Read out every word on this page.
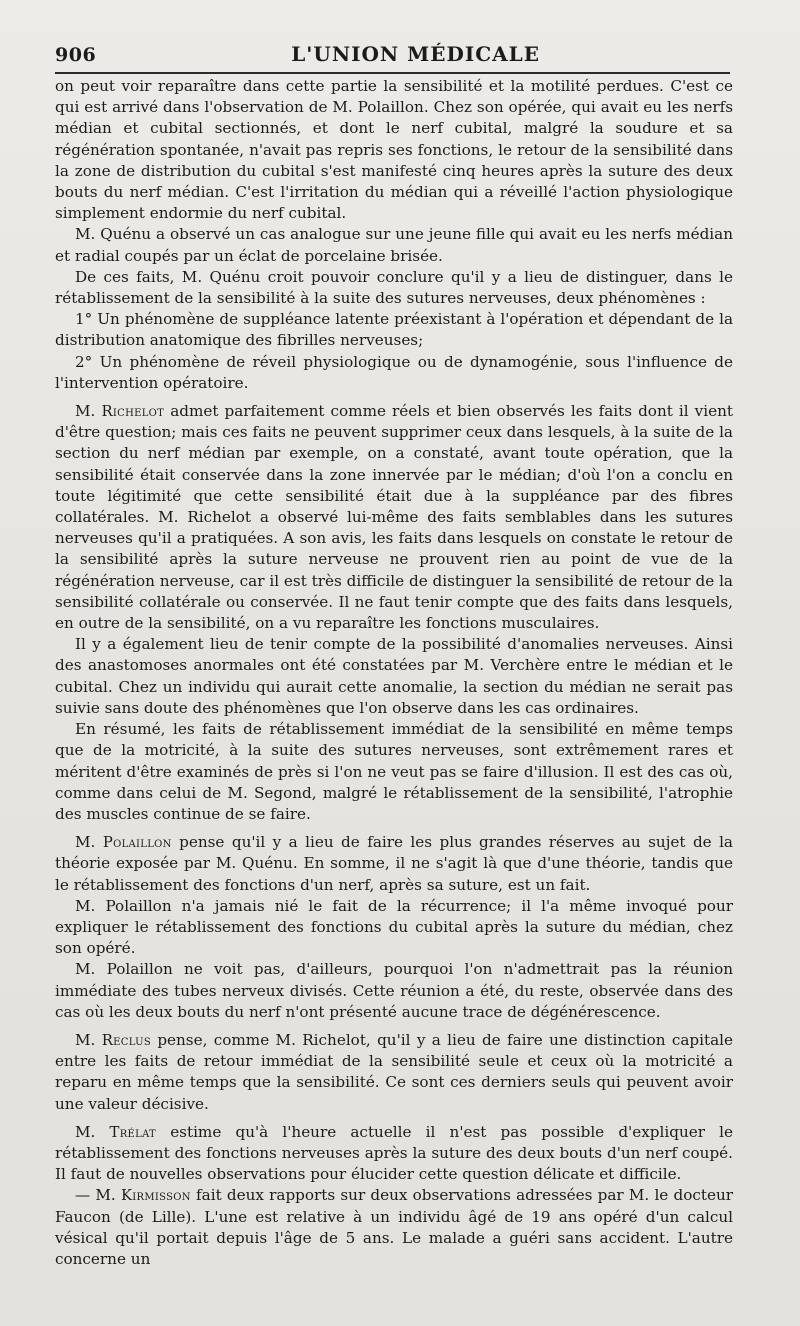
906	L'UNION MÉDICALE

on peut voir reparaître dans cette partie la sensibilité et la motilité perdues. C'est ce qui est arrivé dans l'observation de M. Polaillon. Chez son opérée, qui avait eu les nerfs médian et cubital sectionnés, et dont le nerf cubital, malgré la soudure et sa régénération spontanée, n'avait pas repris ses fonctions, le retour de la sensibilité dans la zone de distribution du cubital s'est manifesté cinq heures après la suture des deux bouts du nerf médian. C'est l'irritation du médian qui a réveillé l'action physiologique simplement endormie du nerf cubital.

M. Quénu a observé un cas analogue sur une jeune fille qui avait eu les nerfs médian et radial coupés par un éclat de porcelaine brisée.

De ces faits, M. Quénu croit pouvoir conclure qu'il y a lieu de distinguer, dans le rétablissement de la sensibilité à la suite des sutures nerveuses, deux phénomènes :

1° Un phénomène de suppléance latente préexistant à l'opération et dépendant de la distribution anatomique des fibrilles nerveuses;

2° Un phénomène de réveil physiologique ou de dynamogénie, sous l'influence de l'intervention opératoire.

M. Richelot admet parfaitement comme réels et bien observés les faits dont il vient d'être question; mais ces faits ne peuvent supprimer ceux dans lesquels, à la suite de la section du nerf médian par exemple, on a constaté, avant toute opération, que la sensibilité était conservée dans la zone innervée par le médian; d'où l'on a conclu en toute légitimité que cette sensibilité était due à la suppléance par des fibres collatérales. M. Richelot a observé lui-même des faits semblables dans les sutures nerveuses qu'il a pratiquées. A son avis, les faits dans lesquels on constate le retour de la sensibilité après la suture nerveuse ne prouvent rien au point de vue de la régénération nerveuse, car il est très difficile de distinguer la sensibilité de retour de la sensibilité collatérale ou conservée. Il ne faut tenir compte que des faits dans lesquels, en outre de la sensibilité, on a vu reparaître les fonctions musculaires.

Il y a également lieu de tenir compte de la possibilité d'anomalies nerveuses. Ainsi des anastomoses anormales ont été constatées par M. Verchère entre le médian et le cubital. Chez un individu qui aurait cette anomalie, la section du médian ne serait pas suivie sans doute des phénomènes que l'on observe dans les cas ordinaires.

En résumé, les faits de rétablissement immédiat de la sensibilité en même temps que de la motricité, à la suite des sutures nerveuses, sont extrêmement rares et méritent d'être examinés de près si l'on ne veut pas se faire d'illusion. Il est des cas où, comme dans celui de M. Segond, malgré le rétablissement de la sensibilité, l'atrophie des muscles continue de se faire.

M. Polaillon pense qu'il y a lieu de faire les plus grandes réserves au sujet de la théorie exposée par M. Quénu. En somme, il ne s'agit là que d'une théorie, tandis que le rétablissement des fonctions d'un nerf, après sa suture, est un fait.

M. Polaillon n'a jamais nié le fait de la récurrence; il l'a même invoqué pour expliquer le rétablissement des fonctions du cubital après la suture du médian, chez son opéré.

M. Polaillon ne voit pas, d'ailleurs, pourquoi l'on n'admettrait pas la réunion immédiate des tubes nerveux divisés. Cette réunion a été, du reste, observée dans des cas où les deux bouts du nerf n'ont présenté aucune trace de dégénérescence.

M. Reclus pense, comme M. Richelot, qu'il y a lieu de faire une distinction capitale entre les faits de retour immédiat de la sensibilité seule et ceux où la motricité a reparu en même temps que la sensibilité. Ce sont ces derniers seuls qui peuvent avoir une valeur décisive.

M. Trélat estime qu'à l'heure actuelle il n'est pas possible d'expliquer le rétablissement des fonctions nerveuses après la suture des deux bouts d'un nerf coupé. Il faut de nouvelles observations pour élucider cette question délicate et difficile.

— M. Kirmisson fait deux rapports sur deux observations adressées par M. le docteur Faucon (de Lille). L'une est relative à un individu âgé de 19 ans opéré d'un calcul vésical qu'il portait depuis l'âge de 5 ans. Le malade a guéri sans accident. L'autre concerne un
